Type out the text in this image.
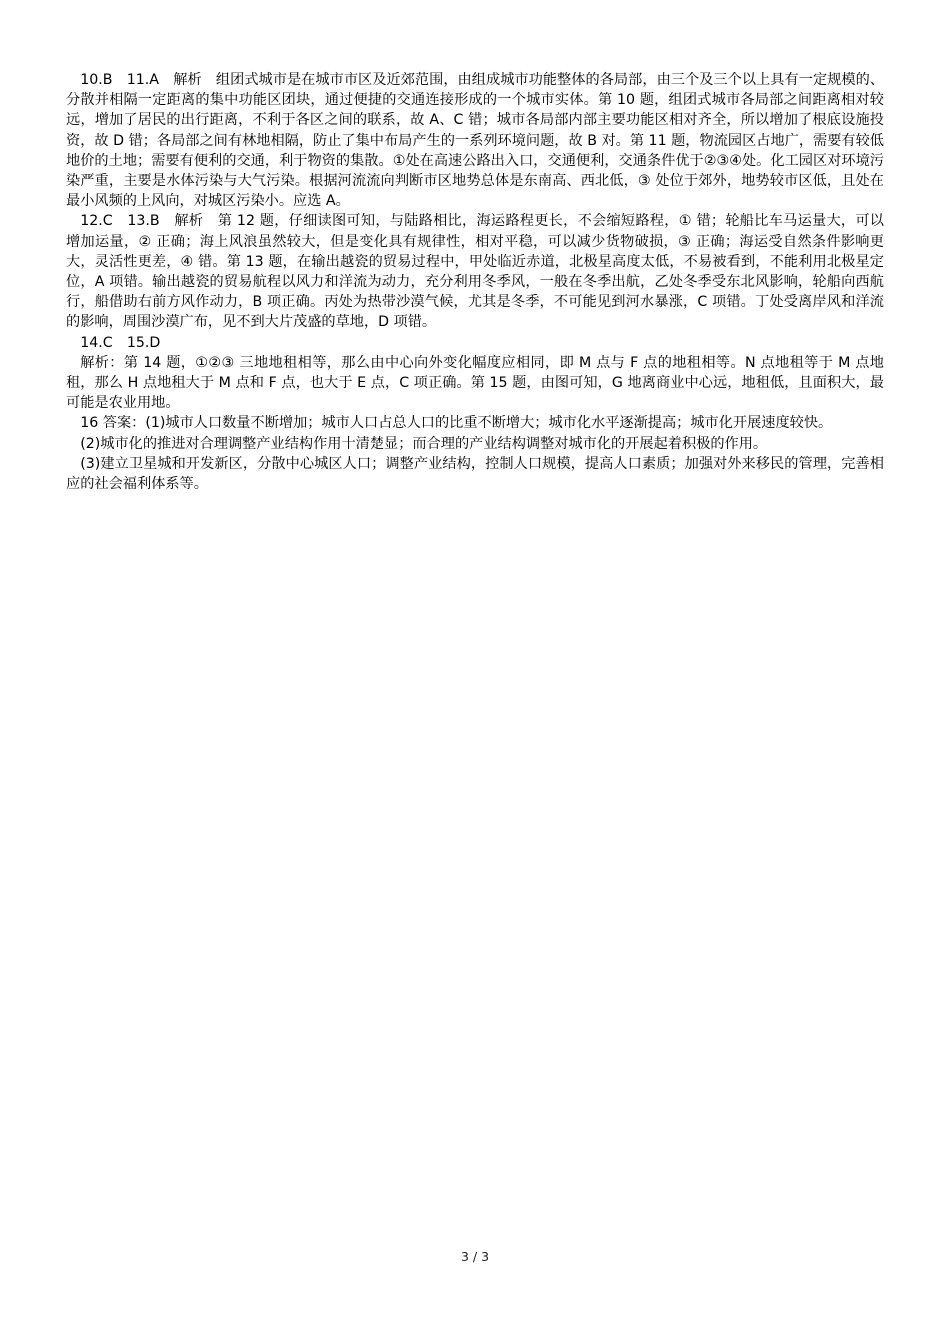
10.B　11.A　解析　组团式城市是在城市市区及近郊范围，由组成城市功能整体的各局部，由三个及三个以上具有一定规模的、分散并相隔一定距离的集中功能区团块，通过便捷的交通连接形成的一个城市实体。第 10 题，组团式城市各局部之间距离相对较远，增加了居民的出行距离，不利于各区之间的联系，故 A、C 错；城市各局部内部主要功能区相对齐全，所以增加了根底设施投资，故 D 错；各局部之间有林地相隔，防止了集中布局产生的一系列环境问题，故 B 对。第 11 题，物流园区占地广，需要有较低地价的土地；需要有便利的交通，利于物资的集散。①处在高速公路出入口，交通便利，交通条件优于②③④处。化工园区对环境污染严重，主要是水体污染与大气污染。根据河流流向判断市区地势总体是东南高、西北低，③ 处位于郊外，地势较市区低，且处在最小风频的上风向，对城区污染小。应选 A。

12.C　13.B　解析　第 12 题，仔细读图可知，与陆路相比，海运路程更长，不会缩短路程，① 错；轮船比车马运量大，可以增加运量，② 正确；海上风浪虽然较大，但是变化具有规律性，相对平稳，可以减少货物破损，③ 正确；海运受自然条件影响更大，灵活性更差，④ 错。第 13 题，在输出越瓷的贸易过程中，甲处临近赤道，北极星高度太低，不易被看到，不能利用北极星定位，A 项错。输出越瓷的贸易航程以风力和洋流为动力，充分利用冬季风，一般在冬季出航，乙处冬季受东北风影响，轮船向西航行，船借助右前方风作动力，B 项正确。丙处为热带沙漠气候，尤其是冬季，不可能见到河水暴涨，C 项错。丁处受离岸风和洋流的影响，周围沙漠广布，见不到大片茂盛的草地，D 项错。

14.C　15.D

解析：第 14 题，①②③ 三地地租相等，那么由中心向外变化幅度应相同，即 M 点与 F 点的地租相等。N 点地租等于 M 点地租，那么 H 点地租大于 M 点和 F 点，也大于 E 点，C 项正确。第 15 题，由图可知，G 地离商业中心远，地租低，且面积大，最可能是农业用地。

16 答案：(1)城市人口数量不断增加；城市人口占总人口的比重不断增大；城市化水平逐渐提高；城市化开展速度较快。

(2)城市化的推进对合理调整产业结构作用十清楚显；而合理的产业结构调整对城市化的开展起着积极的作用。

(3)建立卫星城和开发新区，分散中心城区人口；调整产业结构，控制人口规模，提高人口素质；加强对外来移民的管理，完善相应的社会福利体系等。

3 / 3
